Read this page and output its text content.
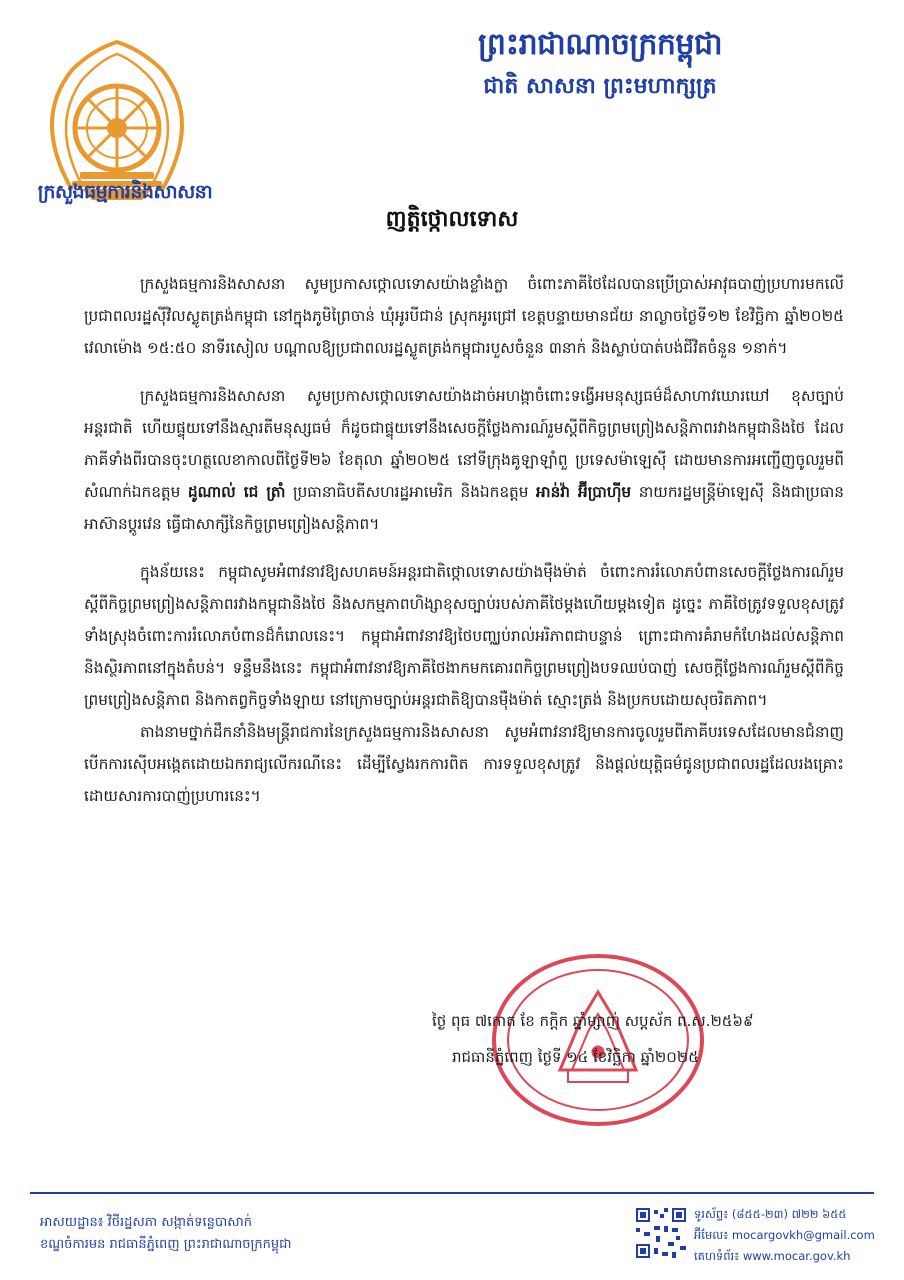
ក្រសួងធម្មការនិងសាសនា
ព្រះរាជាណាចក្រកម្ពុជា
ជាតិ សាសនា ព្រះមហាក្សត្រ
ញត្តិថ្កោលទោស

ក្រសួងធម្មការនិងសាសនា សូមប្រកាសថ្កោលទោសយ៉ាងខ្លាំងក្លា ចំពោះភាគីថៃដែលបានប្រើប្រាស់អាវុធបាញ់ប្រហារមកលើប្រជាពលរដ្ឋស៊ីវិលស្លូតត្រង់កម្ពុជា នៅក្នុងភូមិព្រៃចាន់ ឃុំអូរបីជាន់ ស្រុកអូរជ្រៅ ខេត្តបន្ទាយមានជ័យ នាល្ងាចថ្ងៃទី១២ ខែវិច្ឆិកា ឆ្នាំ២០២៥ វេលាម៉ោង ១៥:៥០ នាទីរសៀល បណ្តាលឱ្យប្រជាពលរដ្ឋស្លូតត្រង់កម្ពុជារបួសចំនួន ៣នាក់ និងស្លាប់បាត់បង់ជីវិតចំនួន ១នាក់។

ក្រសួងធម្មការនិងសាសនា សូមប្រកាសថ្កោលទោសយ៉ាងដាច់អហង្កាចំពោះទង្វើអមនុស្សធម៌ដ៏សាហាវឃោរឃៅ ខុសច្បាប់អន្តរជាតិ ហើយផ្ទុយទៅនឹងស្មារតីមនុស្សធម៌ ក៏ដូចជាផ្ទុយទៅនឹងសេចក្តីថ្លែងការណ៍រួមស្តីពីកិច្ចព្រមព្រៀងសន្តិភាពរវាងកម្ពុជានិងថៃ ដែលភាគីទាំងពីរបានចុះហត្ថលេខាកាលពីថ្ងៃទី២៦ ខែតុលា ឆ្នាំ២០២៥ នៅទីក្រុងគូឡាឡាំពួ ប្រទេសម៉ាឡេស៊ី ដោយមានការអញ្ជើញចូលរួមពីសំណាក់ឯកឧត្តម ដូណាល់ ជេ ត្រាំ ប្រធានាធិបតីសហរដ្ឋអាមេរិក និងឯកឧត្តម អាន់វ៉ា អ៊ីប្រាហ៊ីម នាយករដ្ឋមន្ត្រីម៉ាឡេស៊ី និងជាប្រធានអាស៊ានប្តូរវេន ធ្វើជាសាក្សីនៃកិច្ចព្រមព្រៀងសន្តិភាព។

ក្នុងន័យនេះ កម្ពុជាសូមអំពាវនាវឱ្យសហគមន៍អន្តរជាតិថ្កោលទោសយ៉ាងម៉ឺងម៉ាត់ ចំពោះការរំលោភបំពានសេចក្តីថ្លែងការណ៍រួមស្តីពីកិច្ចព្រមព្រៀងសន្តិភាពរវាងកម្ពុជានិងថៃ និងសកម្មភាពហិង្សាខុសច្បាប់របស់ភាគីថៃម្តងហើយម្តងទៀត ដូច្នេះ ភាគីថៃត្រូវទទួលខុសត្រូវទាំងស្រុងចំពោះការរំលោភបំពានដ៏កំរោលនេះ។ កម្ពុជាអំពាវនាវឱ្យថៃបញ្ឈប់រាល់អរិភាពជាបន្ទាន់ ព្រោះជាការគំរាមកំហែងដល់សន្តិភាព និងស្ថិរភាពនៅក្នុងតំបន់។ ទន្ទឹមនឹងនេះ កម្ពុជាអំពាវនាវឱ្យភាគីថៃងាកមកគោរពកិច្ចព្រមព្រៀងបទឈប់បាញ់ សេចក្តីថ្លែងការណ៍រួមស្តីពីកិច្ចព្រមព្រៀងសន្តិភាព និងកាតព្វកិច្ចទាំងឡាយ នៅក្រោមច្បាប់អន្តរជាតិឱ្យបានម៉ឺងម៉ាត់ ស្មោះត្រង់ និងប្រកបដោយសុចរិតភាព។

តាងនាមថ្នាក់ដឹកនាំនិងមន្ត្រីរាជការនៃក្រសួងធម្មការនិងសាសនា សូមអំពាវនាវឱ្យមានការចូលរួមពីភាគីបរទេសដែលមានជំនាញ បើកការស៊ើបអង្កេតដោយឯករាជ្យលើករណីនេះ ដើម្បីស្វែងរកការពិត ការទទួលខុសត្រូវ និងផ្តល់យុត្តិធម៌ជូនប្រជាពលរដ្ឋដែលរងគ្រោះដោយសារការបាញ់ប្រហារនេះ។

ថ្ងៃ ពុធ ៧កោត ខែ កក្ដិក ឆ្នាំម្សាញ់ សប្តស័ក ព.ស.២៥៦៩
រាជធានីភ្នំពេញ ថ្ងៃទី ១៤ ខែវិច្ឆិកា ឆ្នាំ២០២៥
អាសយដ្ឋាន៖ វិថីរដ្ឋសភា សង្កាត់ទន្លេបាសាក់
ខណ្ឌចំការមន រាជធានីភ្នំពេញ ព្រះរាជាណាចក្រកម្ពុជា
ទូរស័ព្ទ៖ (៨៥៥-២៣) ៧២២ ៦៥៥
អ៊ីមែល៖ mocargovkh@gmail.com
គេហទំព័រ៖ www.mocar.gov.kh
